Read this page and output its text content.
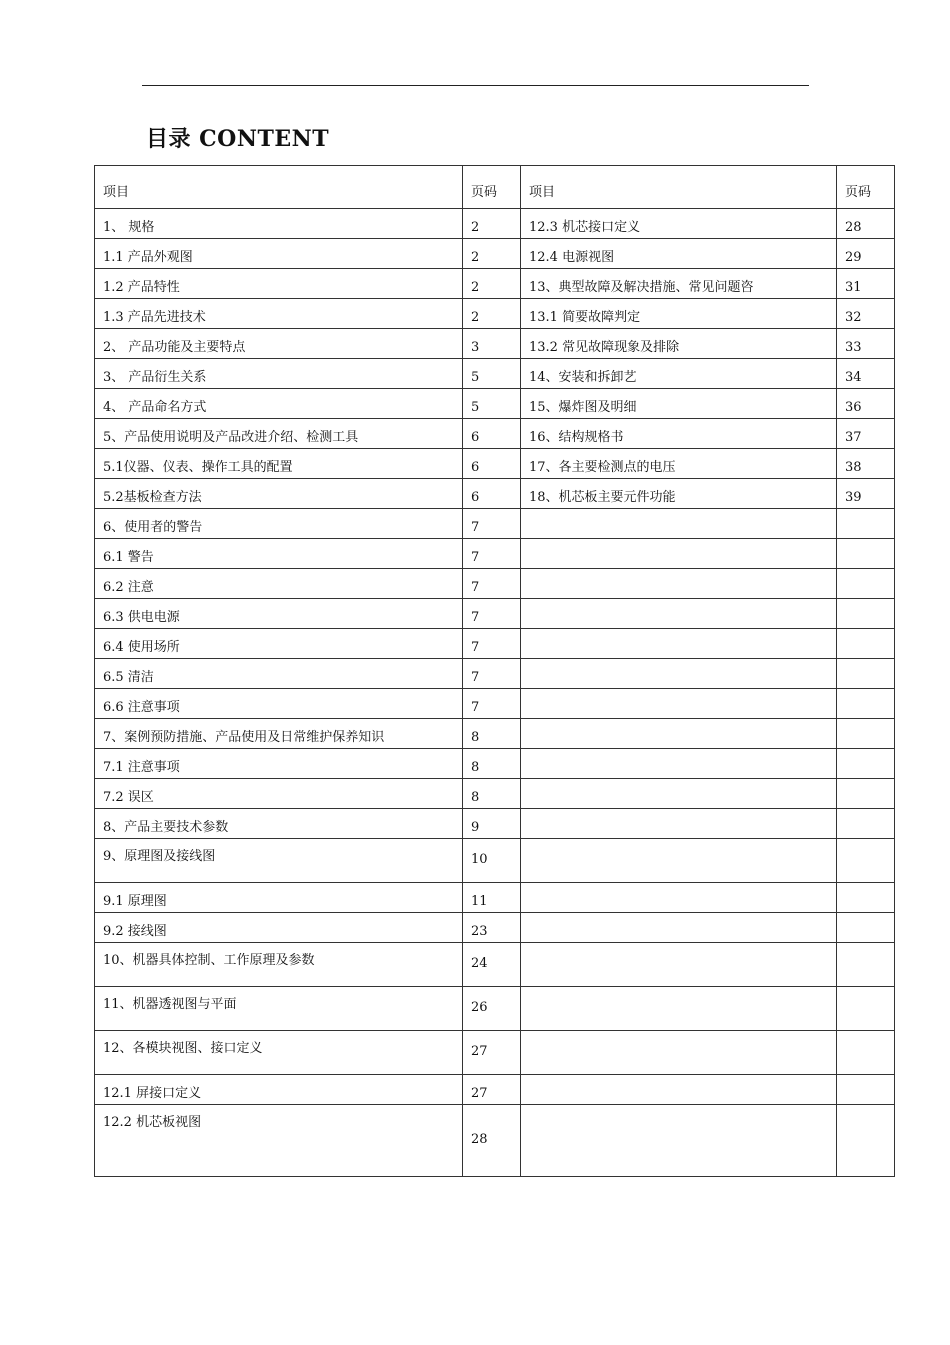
目录 CONTENT
项目	页码	项目	页码
1、 规格	2	12.3 机芯接口定义	28
1.1 产品外观图	2	12.4 电源视图	29
1.2 产品特性	2	13、典型故障及解决措施、常见问题咨	31
1.3 产品先进技术	2	13.1 简要故障判定	32
2、 产品功能及主要特点	3	13.2 常见故障现象及排除	33
3、 产品衍生关系	5	14、安装和拆卸艺	34
4、 产品命名方式	5	15、爆炸图及明细	36
5、产品使用说明及产品改进介绍、检测工具	6	16、结构规格书	37
5.1仪器、仪表、操作工具的配置	6	17、各主要检测点的电压	38
5.2基板检查方法	6	18、机芯板主要元件功能	39
6、使用者的警告	7		
6.1 警告	7		
6.2 注意	7		
6.3 供电电源	7		
6.4 使用场所	7		
6.5 清洁	7		
6.6 注意事项	7		
7、案例预防措施、产品使用及日常维护保养知识	8		
7.1 注意事项	8		
7.2 误区	8		
8、产品主要技术参数	9		
9、原理图及接线图	10		
9.1 原理图	11		
9.2 接线图	23		
10、机器具体控制、工作原理及参数	24		
11、机器透视图与平面	26		
12、各模块视图、接口定义	27		
12.1 屏接口定义	27		
12.2 机芯板视图	28		
